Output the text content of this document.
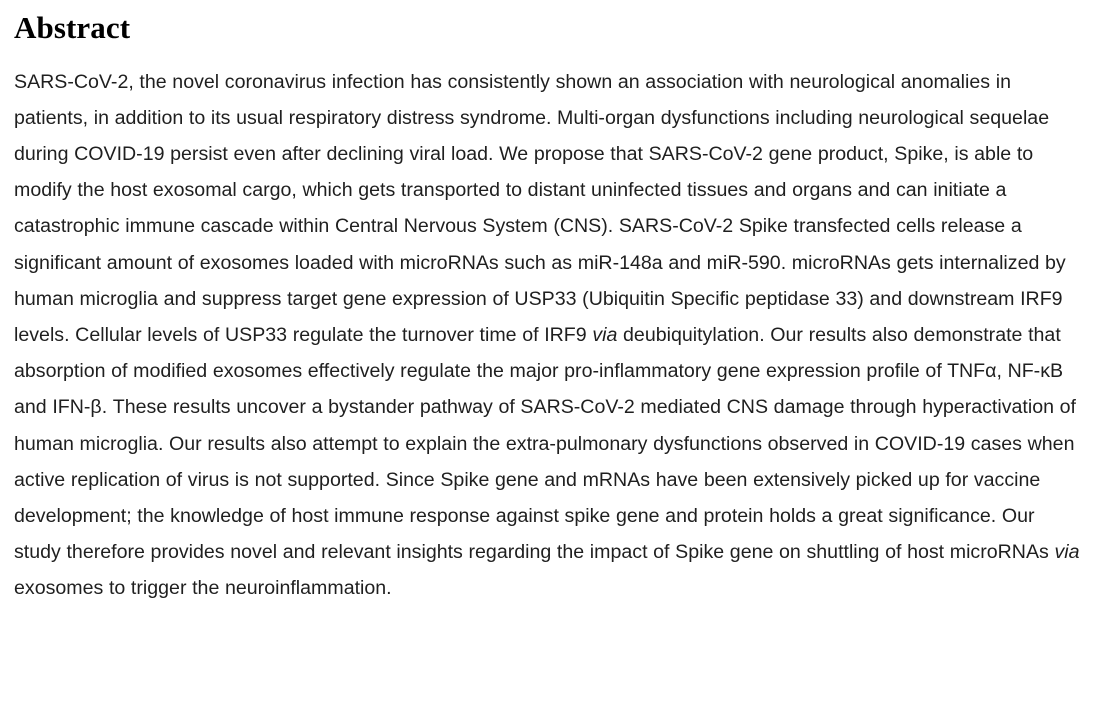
Abstract

SARS-CoV-2, the novel coronavirus infection has consistently shown an association with neurological anomalies in patients, in addition to its usual respiratory distress syndrome. Multi-organ dysfunctions including neurological sequelae during COVID-19 persist even after declining viral load. We propose that SARS-CoV-2 gene product, Spike, is able to modify the host exosomal cargo, which gets transported to distant uninfected tissues and organs and can initiate a catastrophic immune cascade within Central Nervous System (CNS). SARS-CoV-2 Spike transfected cells release a significant amount of exosomes loaded with microRNAs such as miR-148a and miR-590. microRNAs gets internalized by human microglia and suppress target gene expression of USP33 (Ubiquitin Specific peptidase 33) and downstream IRF9 levels. Cellular levels of USP33 regulate the turnover time of IRF9 via deubiquitylation. Our results also demonstrate that absorption of modified exosomes effectively regulate the major pro-inflammatory gene expression profile of TNFα, NF-κB and IFN-β. These results uncover a bystander pathway of SARS-CoV-2 mediated CNS damage through hyperactivation of human microglia. Our results also attempt to explain the extra-pulmonary dysfunctions observed in COVID-19 cases when active replication of virus is not supported. Since Spike gene and mRNAs have been extensively picked up for vaccine development; the knowledge of host immune response against spike gene and protein holds a great significance. Our study therefore provides novel and relevant insights regarding the impact of Spike gene on shuttling of host microRNAs via exosomes to trigger the neuroinflammation.
